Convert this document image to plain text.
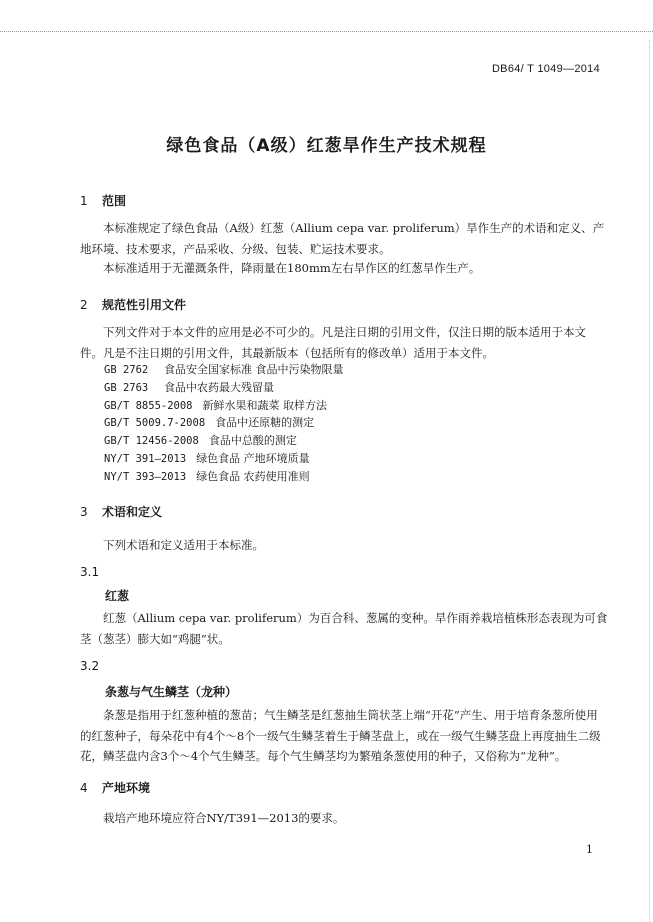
DB64/ T 1049—2014
绿色食品（A级）红葱旱作生产技术规程
1 范围
本标准规定了绿色食品（A级）红葱（Allium cepa var. proliferum）旱作生产的术语和定义、产地环境、技术要求，产品采收、分级、包装、贮运技术要求。
本标准适用于无灌溉条件，降雨量在180mm左右旱作区的红葱旱作生产。
2 规范性引用文件
下列文件对于本文件的应用是必不可少的。凡是注日期的引用文件，仅注日期的版本适用于本文件。凡是不注日期的引用文件，其最新版本（包括所有的修改单）适用于本文件。
GB 2762 食品安全国家标准 食品中污染物限量
GB 2763 食品中农药最大残留量
GB/T 8855-2008 新鲜水果和蔬菜 取样方法
GB/T 5009.7-2008 食品中还原糖的测定
GB/T 12456-2008 食品中总酸的测定
NY/T 391—2013 绿色食品 产地环境质量
NY/T 393—2013 绿色食品 农药使用准则
3 术语和定义
下列术语和定义适用于本标准。
3.1
红葱
红葱（Allium cepa var. proliferum）为百合科、葱属的变种。旱作雨养栽培植株形态表现为可食茎（葱茎）膨大如“鸡腿”状。
3.2
条葱与气生鳞茎（龙种）
条葱是指用于红葱种植的葱苗；气生鳞茎是红葱抽生筒状茎上端“开花”产生、用于培育条葱所使用的红葱种子，每朵花中有4个～8个一级气生鳞茎着生于鳞茎盘上，或在一级气生鳞茎盘上再度抽生二级花，鳞茎盘内含3个～4个气生鳞茎。每个气生鳞茎均为繁殖条葱使用的种子，又俗称为“龙种”。
4 产地环境
栽培产地环境应符合NY/T391—2013的要求。
1
